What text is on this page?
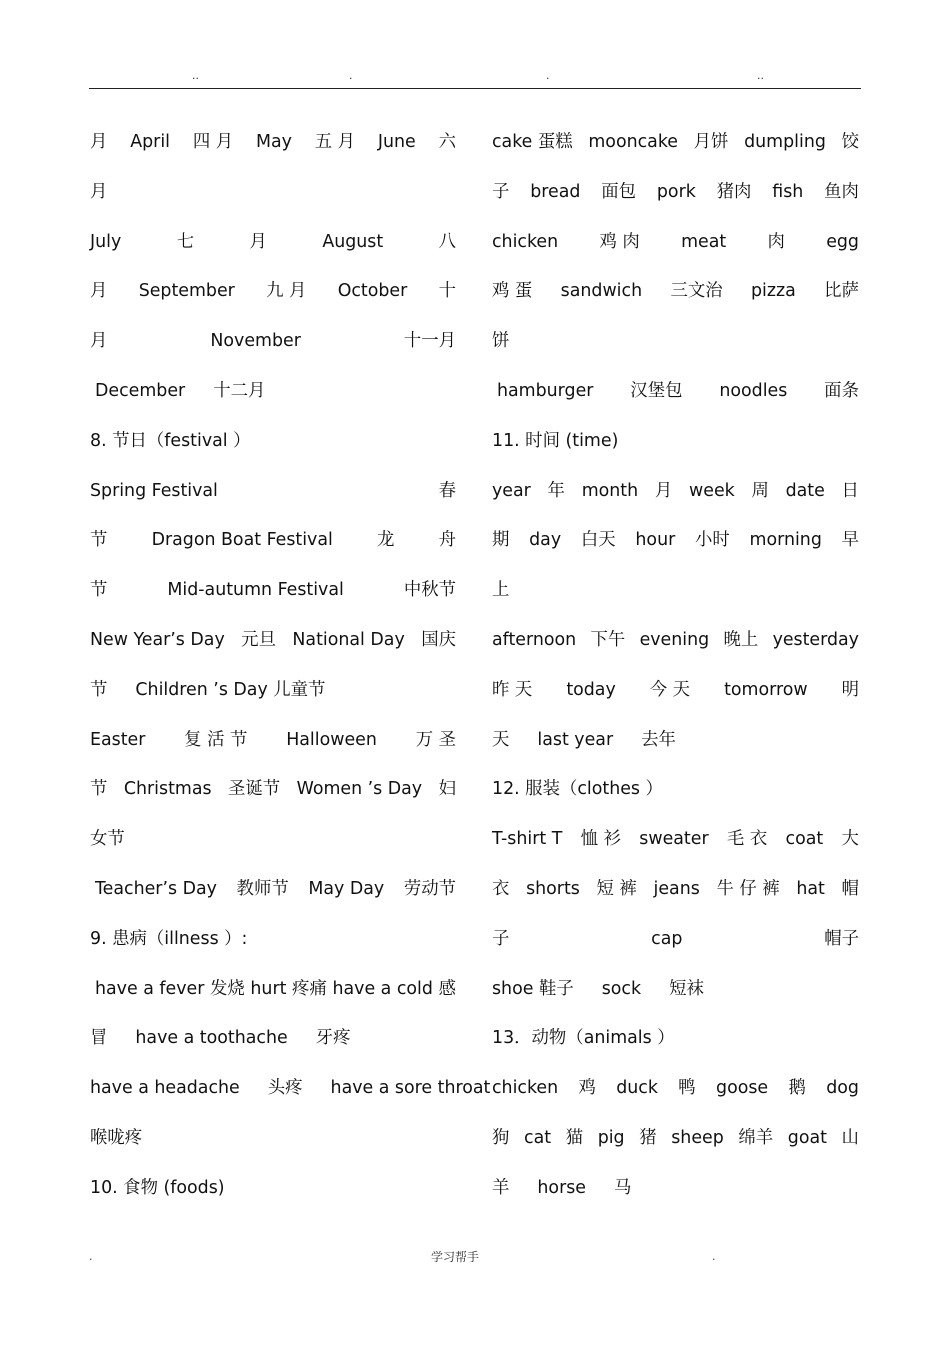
..	.	.	..
月 April 四 月 May 五 月 June 六
月
July	七	月	August	八
月 September 九 月 October 十
月	November	十一月
December 十二月
8. 节日（festival ）
Spring Festival	春
节	Dragon Boat Festival	龙	舟
节	Mid-autumn Festival	中秋节
New Year’s Day 元旦 National Day 国庆
节 Children ’s Day 儿童节
Easter 复 活 节 Halloween 万 圣
节 Christmas 圣诞节 Women ’s Day 妇
女节
Teacher’s Day 教师节 May Day 劳动节
9. 患病（illness ）:
have a fever 发烧 hurt 疼痛 have a cold 感
冒 have a toothache 牙疼
have a headache 头疼 have a sore throat
喉咙疼
10. 食物 (foods)
cake 蛋糕 mooncake 月饼 dumpling 饺
子 bread 面包 pork 猪肉 fish 鱼肉
chicken 鸡 肉 meat 肉 egg
鸡 蛋 sandwich 三文治 pizza 比萨
饼
hamburger 汉堡包 noodles 面条
11. 时间 (time)
year 年 month 月 week 周 date 日
期 day 白天 hour 小时 morning 早
上
afternoon 下午 evening 晚上 yesterday
昨 天 today 今 天 tomorrow 明
天 last year 去年
12. 服装（clothes ）
T-shirt T 恤 衫 sweater 毛 衣 coat 大
衣 shorts 短 裤 jeans 牛 仔 裤 hat 帽
子	cap	帽子
shoe 鞋子 sock 短袜
13．动物（animals ）
chicken 鸡 duck 鸭 goose 鹅 dog
狗 cat 猫 pig 猪 sheep 绵羊 goat 山
羊 horse 马
.	学习帮手	.
